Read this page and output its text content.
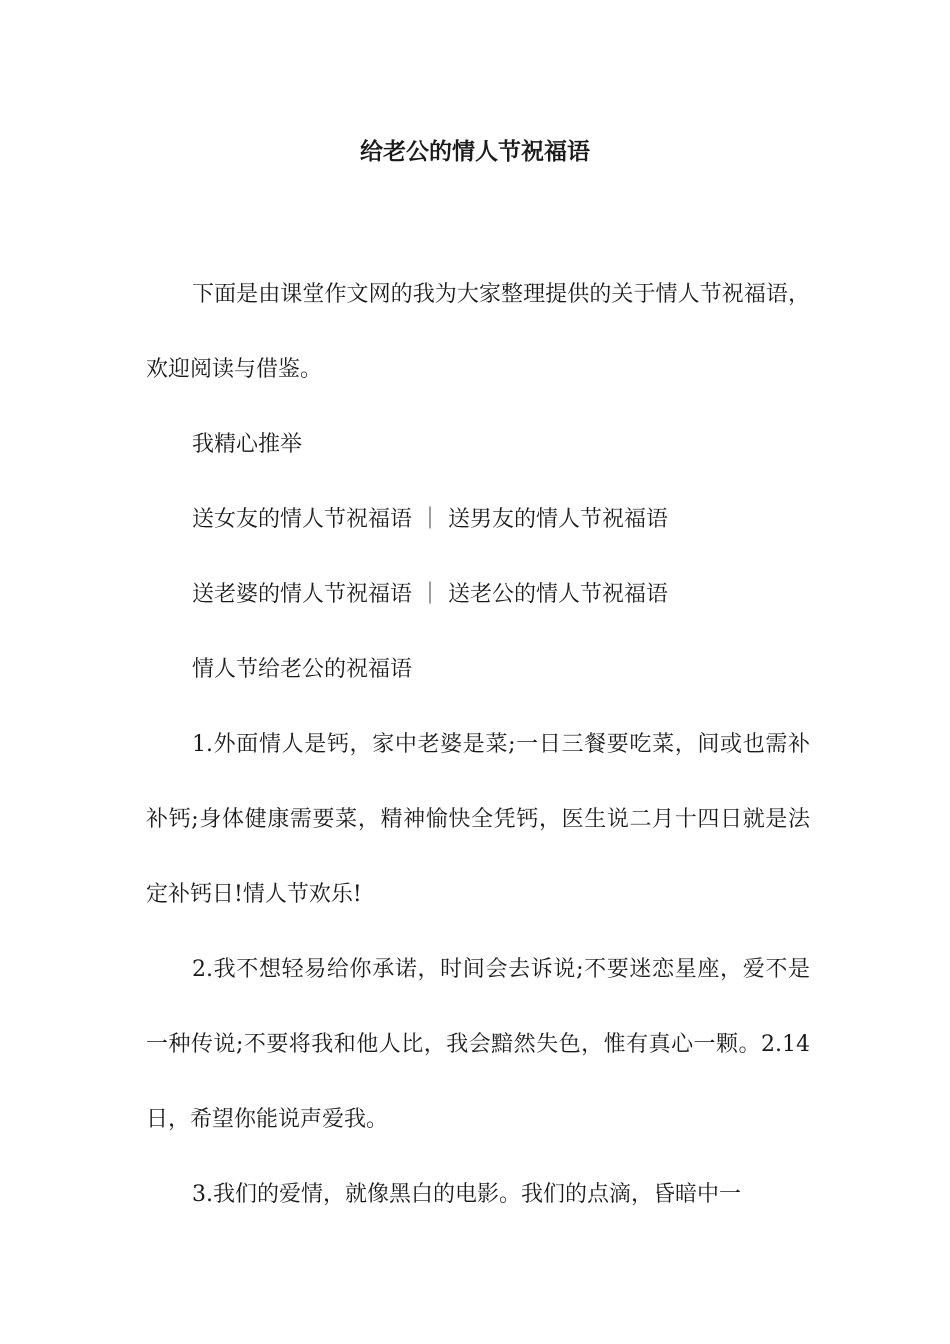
给老公的情人节祝福语

下面是由课堂作文网的我为大家整理提供的关于情人节祝福语，欢迎阅读与借鉴。

我精心推举

送女友的情人节祝福语 ｜ 送男友的情人节祝福语

送老婆的情人节祝福语 ｜ 送老公的情人节祝福语

情人节给老公的祝福语

1.外面情人是钙，家中老婆是菜;一日三餐要吃菜，间或也需补补钙;身体健康需要菜，精神愉快全凭钙，医生说二月十四日就是法定补钙日!情人节欢乐!

2.我不想轻易给你承诺，时间会去诉说;不要迷恋星座，爱不是一种传说;不要将我和他人比，我会黯然失色，惟有真心一颗。2.14日，希望你能说声爱我。

3.我们的爱情，就像黑白的电影。我们的点滴，昏暗中一
